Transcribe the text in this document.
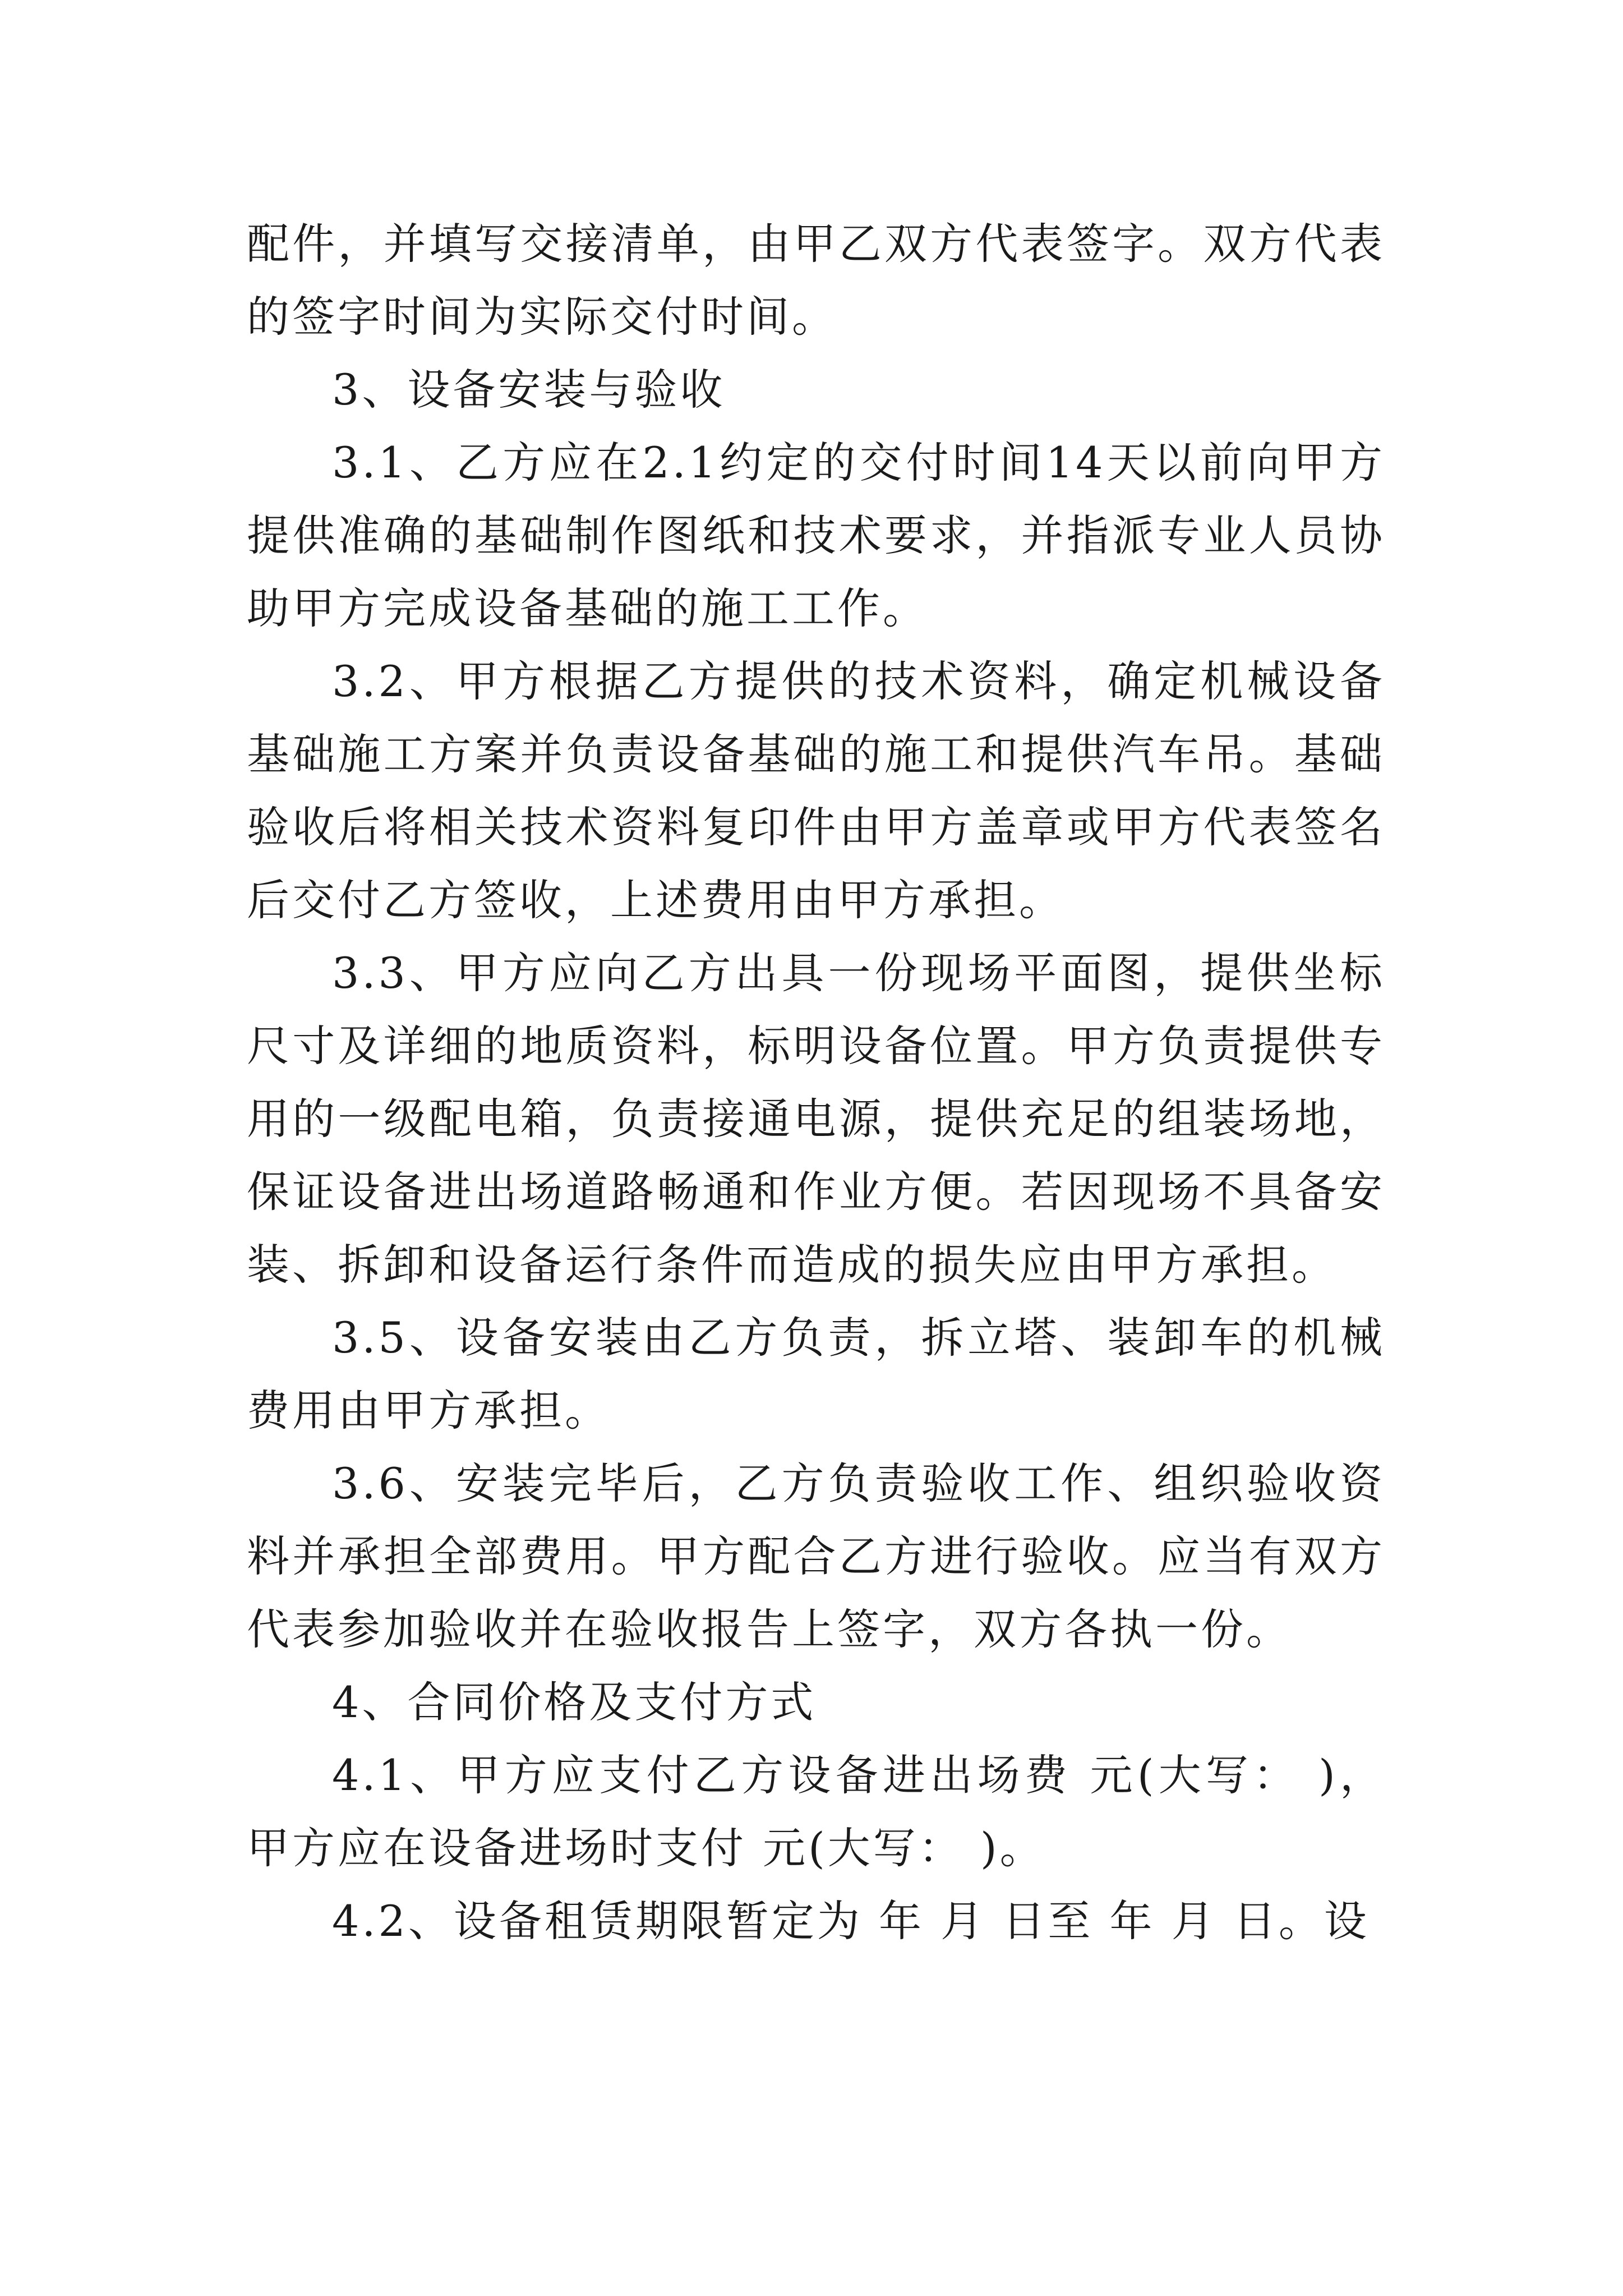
配件，并填写交接清单，由甲乙双方代表签字。双方代表的签字时间为实际交付时间。

3、设备安装与验收

3.1、乙方应在2.1约定的交付时间14天以前向甲方提供准确的基础制作图纸和技术要求，并指派专业人员协助甲方完成设备基础的施工工作。

3.2、甲方根据乙方提供的技术资料，确定机械设备基础施工方案并负责设备基础的施工和提供汽车吊。基础验收后将相关技术资料复印件由甲方盖章或甲方代表签名后交付乙方签收，上述费用由甲方承担。

3.3、甲方应向乙方出具一份现场平面图，提供坐标尺寸及详细的地质资料，标明设备位置。甲方负责提供专用的一级配电箱，负责接通电源，提供充足的组装场地，保证设备进出场道路畅通和作业方便。若因现场不具备安装、拆卸和设备运行条件而造成的损失应由甲方承担。

3.5、设备安装由乙方负责，拆立塔、装卸车的机械费用由甲方承担。

3.6、安装完毕后，乙方负责验收工作、组织验收资料并承担全部费用。甲方配合乙方进行验收。应当有双方代表参加验收并在验收报告上签字，双方各执一份。

4、合同价格及支付方式

4.1、甲方应支付乙方设备进出场费 元(大写： )，甲方应在设备进场时支付 元(大写： )。

4.2、设备租赁期限暂定为 年 月 日至 年 月 日。设
